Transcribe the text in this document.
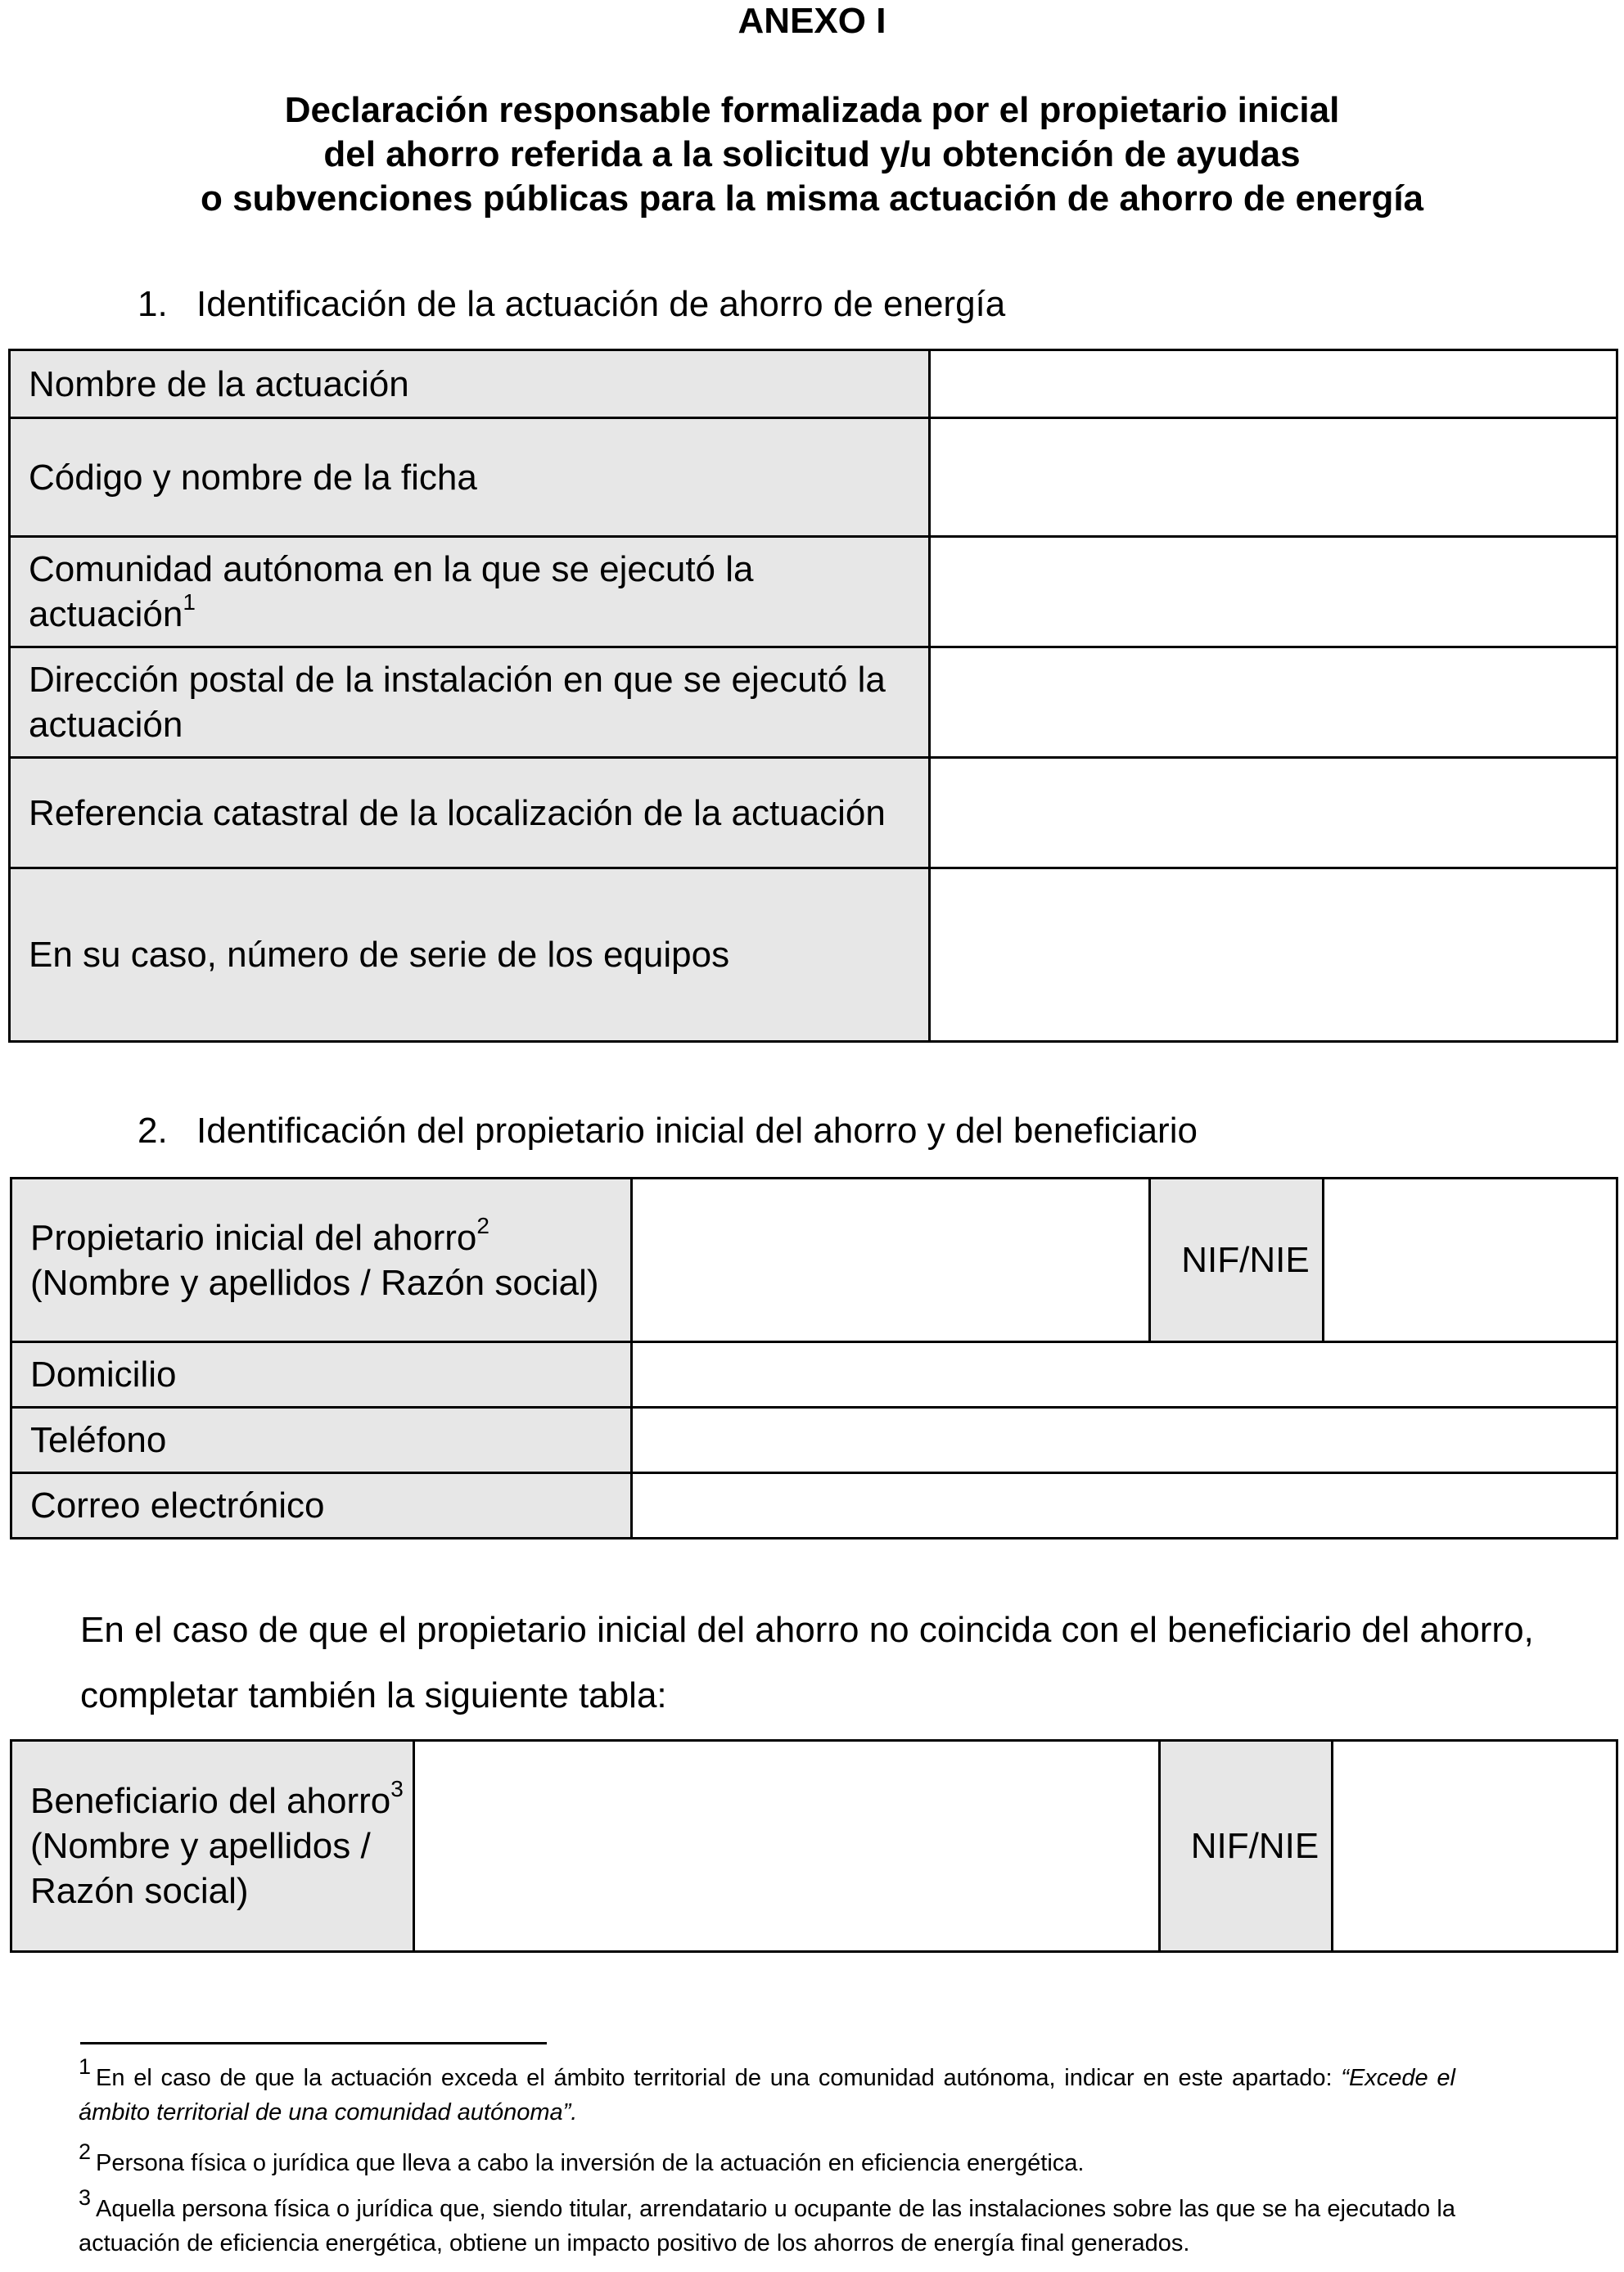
ANEXO I
Declaración responsable formalizada por el propietario inicial
del ahorro referida a la solicitud y/u obtención de ayudas
o subvenciones públicas para la misma actuación de ahorro de energía
1. Identificación de la actuación de ahorro de energía
Nombre de la actuación	
Código y nombre de la ficha	
Comunidad autónoma en la que se ejecutó la actuación$^1$	
Dirección postal de la instalación en que se ejecutó la actuación	
Referencia catastral de la localización de la actuación	
En su caso, número de serie de los equipos	
2. Identificación del propietario inicial del ahorro y del beneficiario
Propietario inicial del ahorro$^2$
(Nombre y apellidos / Razón social)		NIF/NIE	
Domicilio			
Teléfono			
Correo electrónico			
En el caso de que el propietario inicial del ahorro no coincida con el beneficiario del ahorro, completar también la siguiente tabla:
Beneficiario del ahorro$^3$
(Nombre y apellidos / Razón social)		NIF/NIE	
1 En el caso de que la actuación exceda el ámbito territorial de una comunidad autónoma, indicar en este apartado: “Excede el ámbito territorial de una comunidad autónoma”.
2 Persona física o jurídica que lleva a cabo la inversión de la actuación en eficiencia energética.
3 Aquella persona física o jurídica que, siendo titular, arrendatario u ocupante de las instalaciones sobre las que se ha ejecutado la actuación de eficiencia energética, obtiene un impacto positivo de los ahorros de energía final generados.
